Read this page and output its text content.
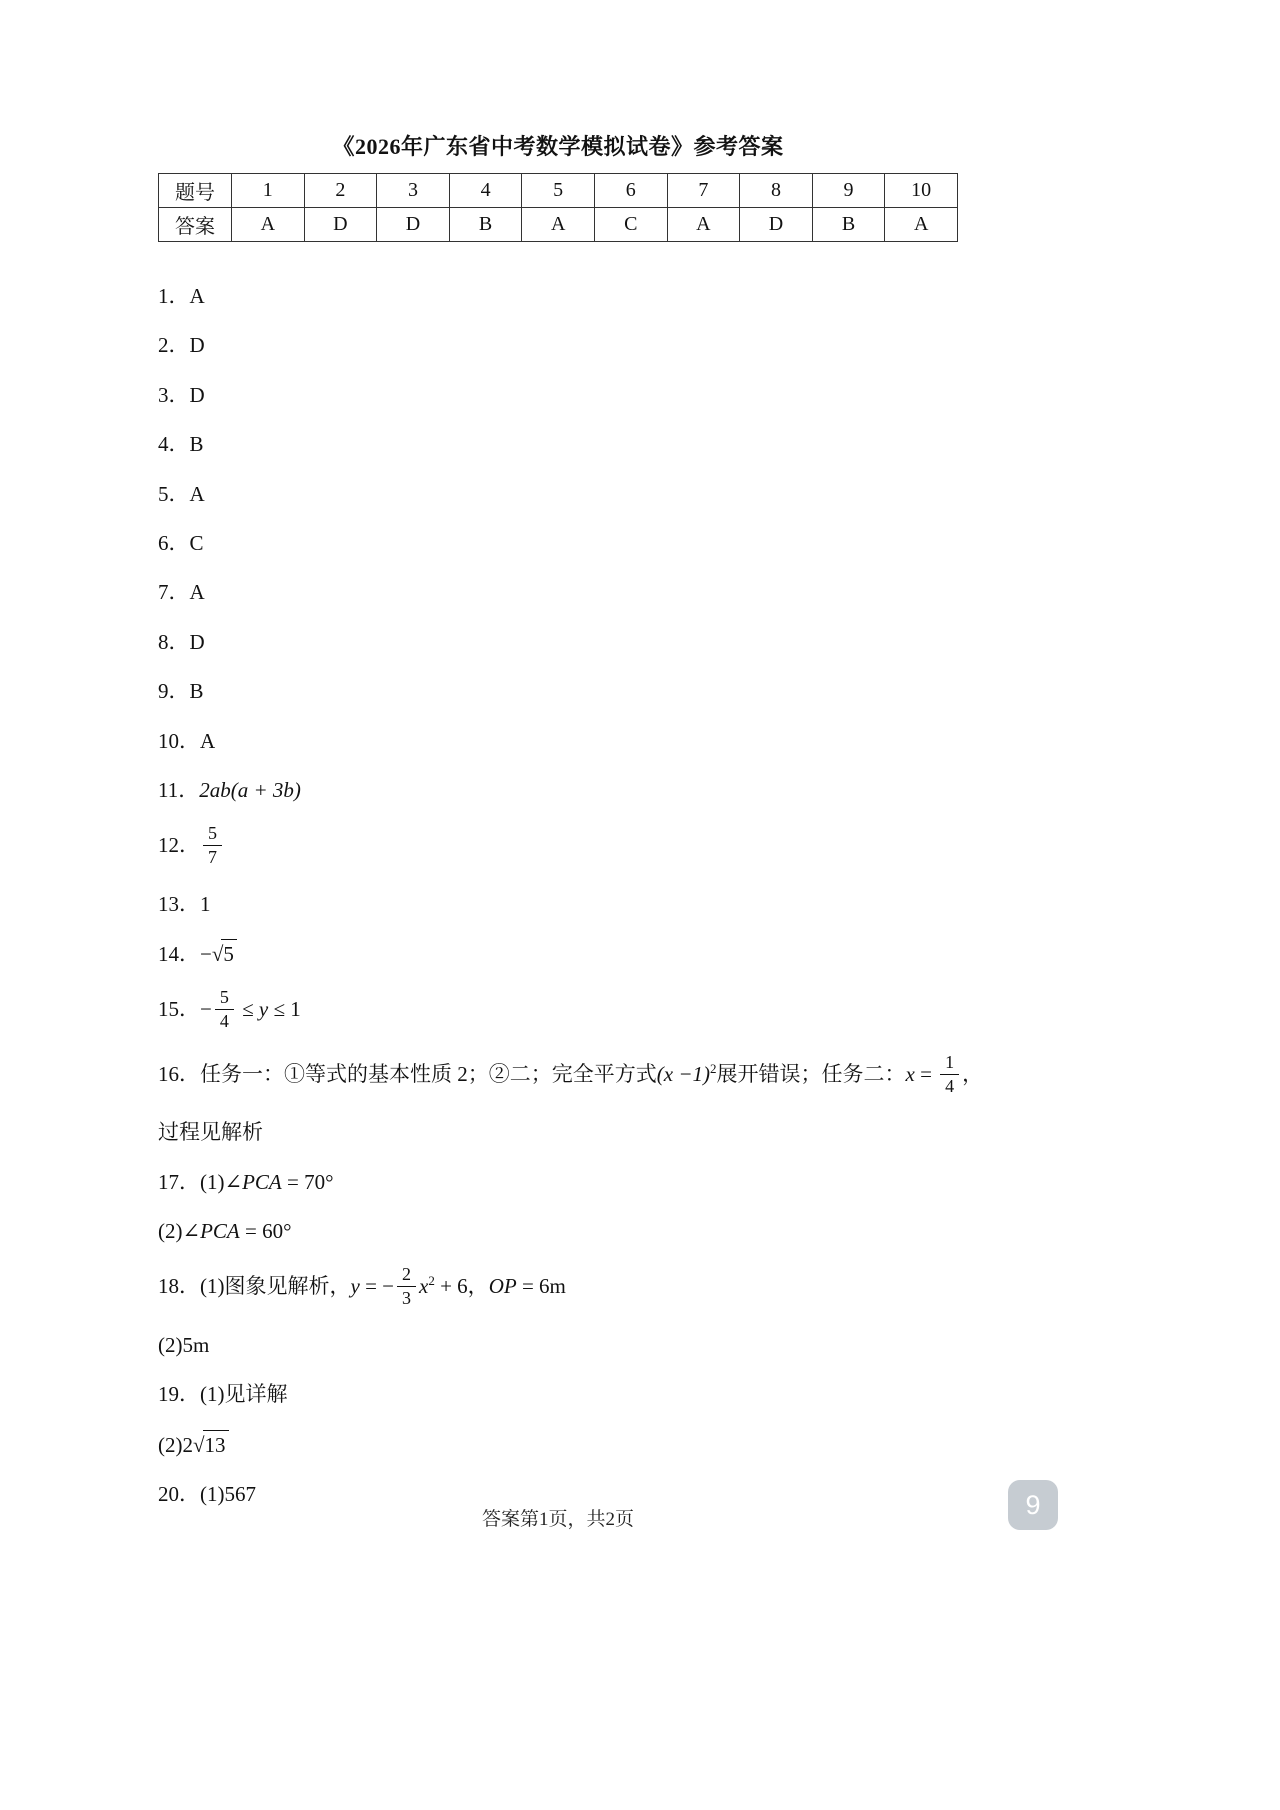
《2026年广东省中考数学模拟试卷》参考答案
题号	1	2	3	4	5	6	7	8	9	10
答案	A	D	D	B	A	C	A	D	B	A
1．A
2．D
3．D
4．B
5．A
6．C
7．A
8．D
9．B
10．A
11．2ab(a + 3b)
12． $\frac{5}{7}$
13．1
14．−√5
15．− $\frac{5}{4} \le y \le 1$
16．任务一：①等式的基本性质 2；②二；完全平方式$(x -1)^2$展开错误；任务二：$x = \frac{1}{4}$ ，
过程见解析
17．(1)∠PCA = 70°
(2)∠PCA = 60°
18．(1)图象见解析，y = − $\frac{2}{3} x^2 + 6$，OP = 6m
(2)5m
19．(1)见详解
(2)2√13
20．(1)567
答案第1页，共2页	9
